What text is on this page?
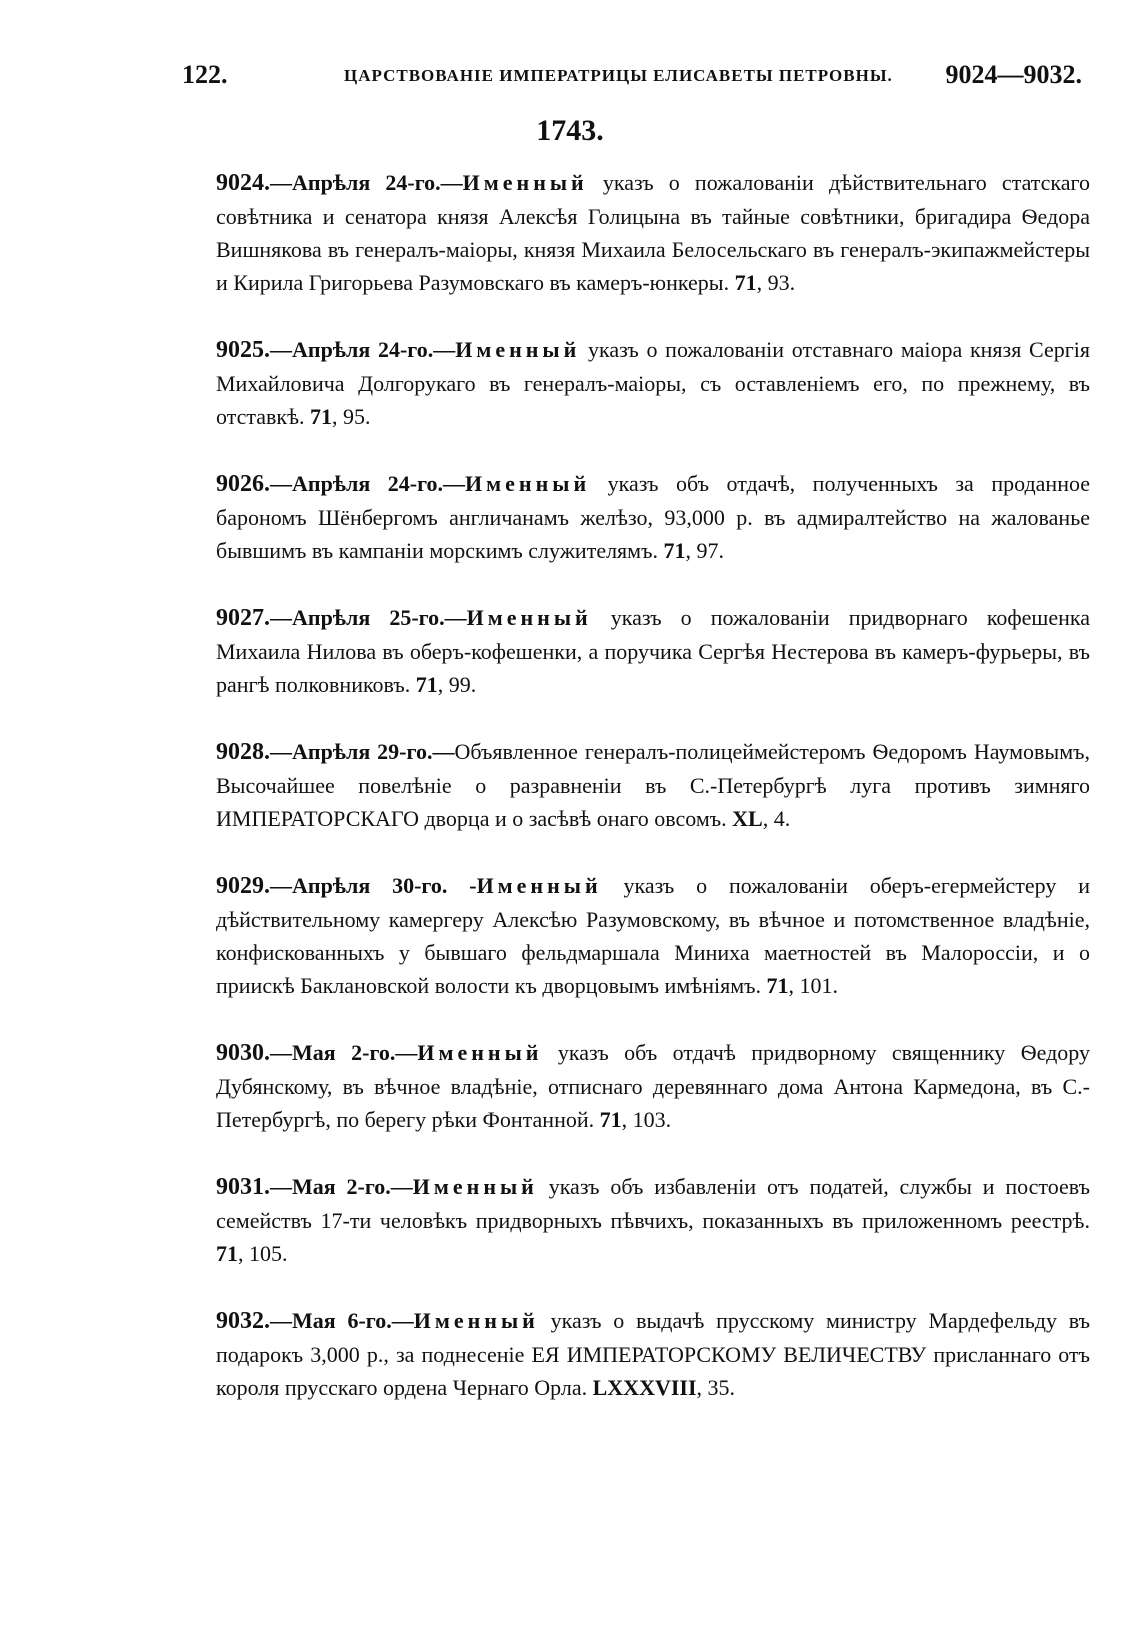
122.	ЦАРСТВОВАНІЕ ИМПЕРАТРИЦЫ ЕЛИСАВЕТЫ ПЕТРОВНЫ. 9024—9032.
1743.

9024.—Апрѣля 24-го.—Именный указъ о пожалованіи дѣйствительнаго статскаго совѣтника и сенатора князя Алексѣя Голицына въ тайные совѣтники, бригадира Ѳедора Вишнякова въ генералъ-маіоры, князя Михаила Белосельскаго въ генералъ-экипажмейстеры и Кирила Григорьева Разумовскаго въ камеръ-юнкеры. 71, 93.

9025.—Апрѣля 24-го.—Именный указъ о пожалованіи отставнаго маіора князя Сергія Михайловича Долгорукаго въ генералъ-маіоры, съ оставленіемъ его, по прежнему, въ отставкѣ. 71, 95.

9026.—Апрѣля 24-го.—Именный указъ объ отдачѣ, полученныхъ за проданное барономъ Шёнбергомъ англичанамъ желѣзо, 93,000 р. въ адмиралтейство на жалованье бывшимъ въ кампаніи морскимъ служителямъ. 71, 97.

9027.—Апрѣля 25-го.—Именный указъ о пожалованіи придворнаго кофешенка Михаила Нилова въ оберъ-кофешенки, а поручика Сергѣя Нестерова въ камеръ-фурьеры, въ рангѣ полковниковъ. 71, 99.

9028.—Апрѣля 29-го.—Объявленное генералъ-полицеймейстеромъ Ѳедоромъ Наумовымъ, Высочайшее повелѣніе о разравненіи въ С.-Петербургѣ луга противъ зимняго ИМПЕРАТОРСКАГО дворца и о засѣвѣ онаго овсомъ. XL, 4.

9029.—Апрѣля 30-го. -Именный указъ о пожалованіи оберъ-егермейстеру и дѣйствительному камергеру Алексѣю Разумовскому, въ вѣчное и потомственное владѣніе, конфискованныхъ у бывшаго фельдмаршала Миниха маетностей въ Малороссіи, и о приискѣ Баклановской волости къ дворцовымъ имѣніямъ. 71, 101.

9030.—Мая 2-го.—Именный указъ объ отдачѣ придворному священнику Ѳедору Дубянскому, въ вѣчное владѣніе, отписнаго деревяннаго дома Антона Кармедона, въ С.-Петербургѣ, по берегу рѣки Фонтанной. 71, 103.

9031.—Мая 2-го.—Именный указъ объ избавленіи отъ податей, службы и постоевъ семействъ 17-ти человѣкъ придворныхъ пѣвчихъ, показанныхъ въ приложенномъ реестрѣ. 71, 105.

9032.—Мая 6-го.—Именный указъ о выдачѣ прусскому министру Мардефельду въ подарокъ 3,000 р., за поднесеніе ЕЯ ИМПЕРАТОРСКОМУ ВЕЛИЧЕСТВУ присланнаго отъ короля прусскаго ордена Чернаго Орла. LXXXVIII, 35.
